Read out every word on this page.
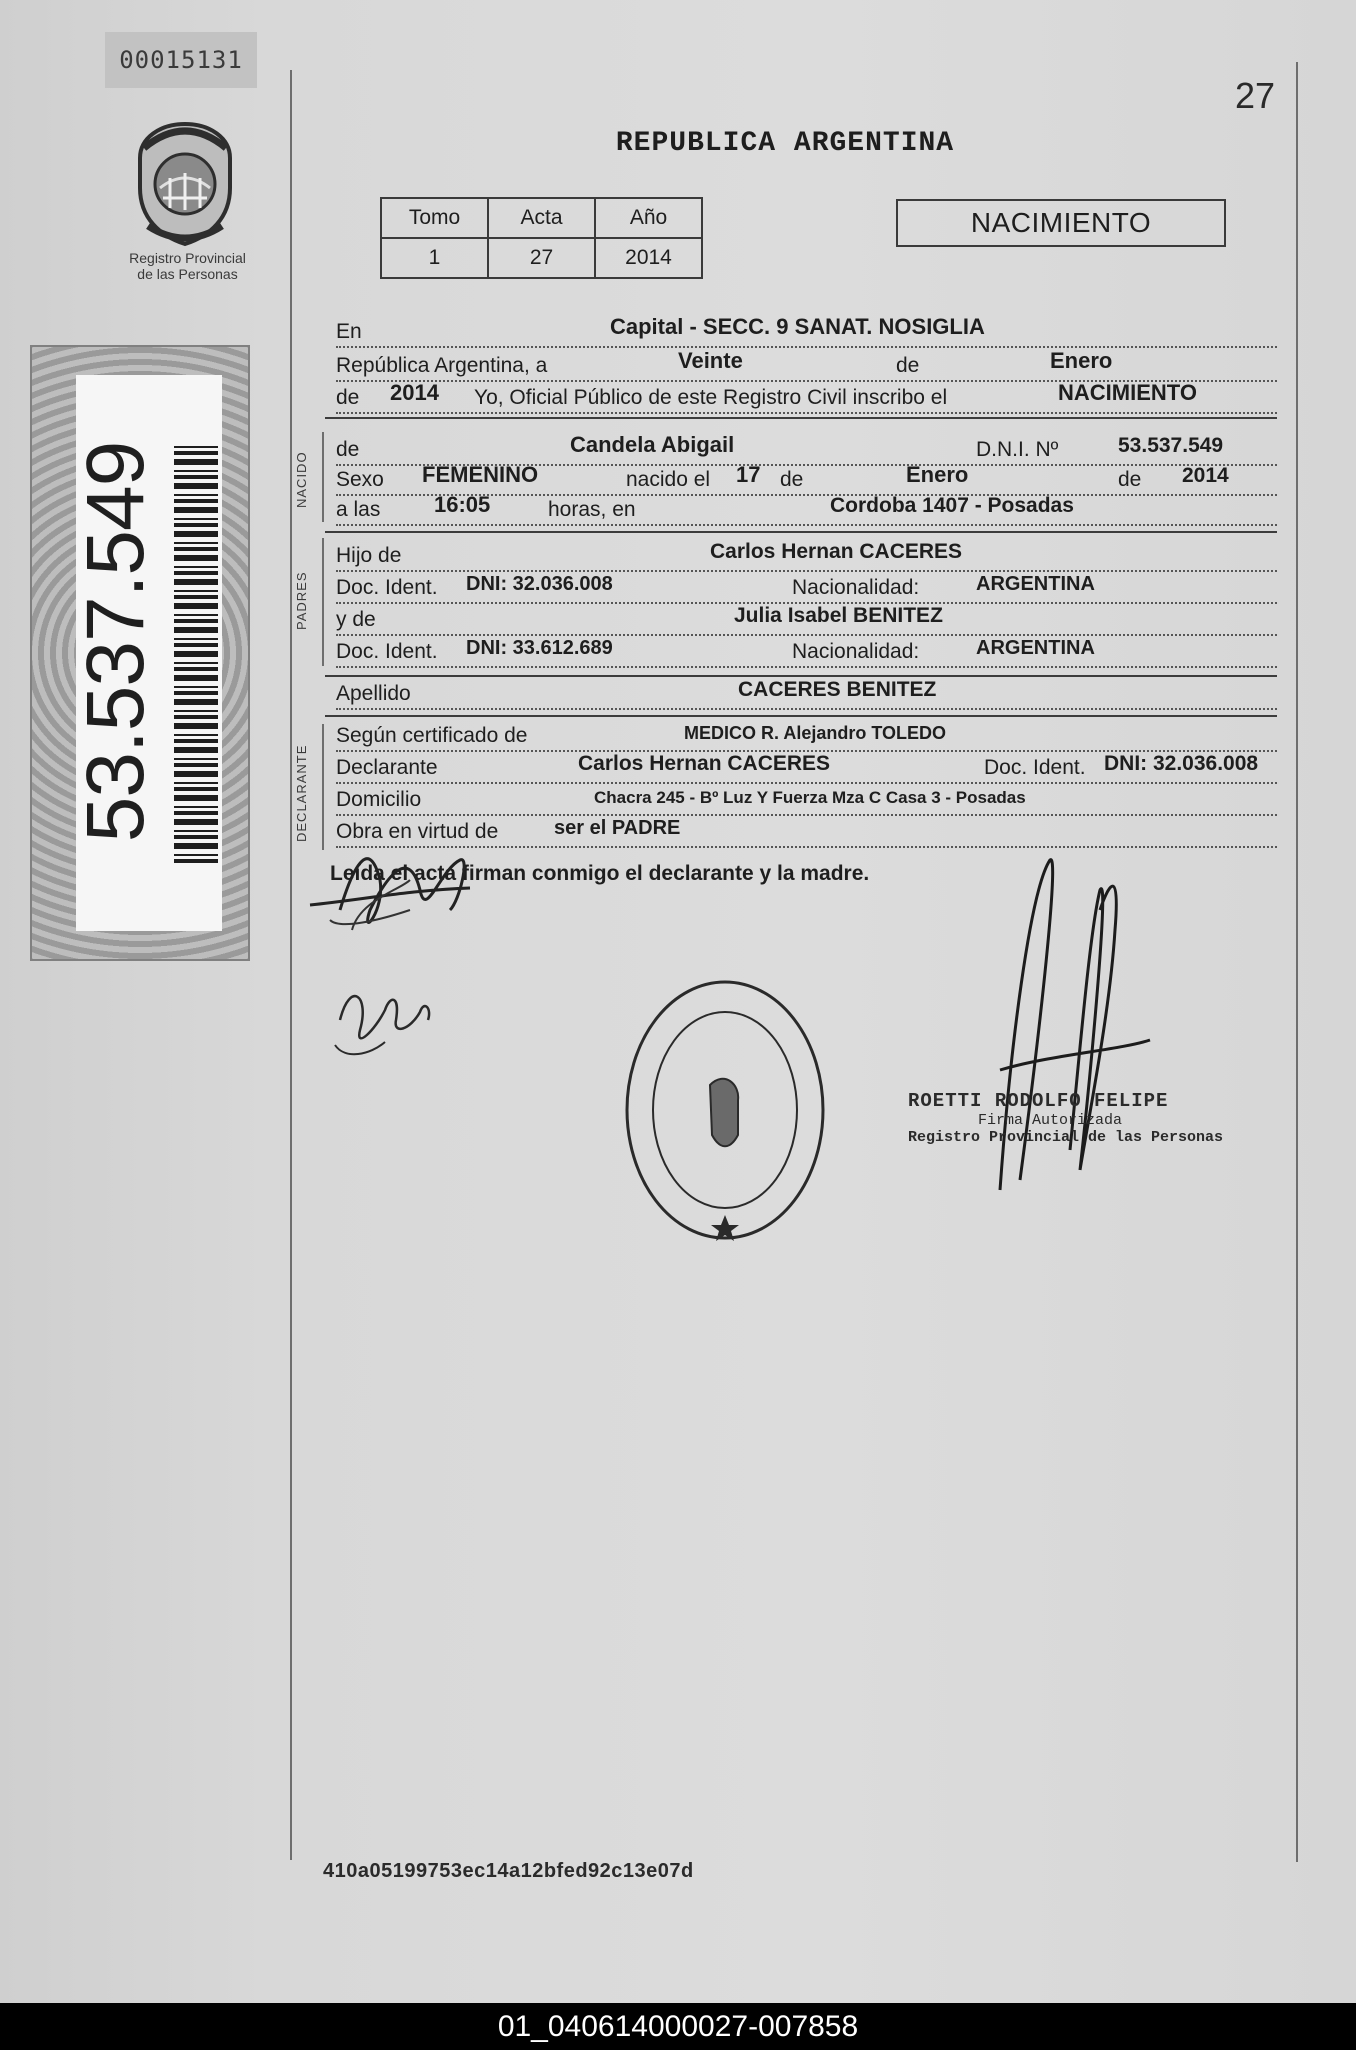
00015131
Registro Provincial
de las Personas
53.537.549
27
REPUBLICA ARGENTINA
Tomo	Acta	Año
1	27	2014
NACIMIENTO
En	Capital - SECC. 9 SANAT. NOSIGLIA
República Argentina, a	Veinte	de	Enero
de 2014 Yo, Oficial Público de este Registro Civil inscribo el	NACIMIENTO
NACIDO
de	Candela Abigail	D.N.I. Nº	53.537.549
Sexo FEMENINO	nacido el 17 de	Enero	de 2014
a las 16:05	horas, en	Cordoba 1407 - Posadas
PADRES
Hijo de	Carlos Hernan CACERES
Doc. Ident. DNI: 32.036.008	Nacionalidad:	ARGENTINA
y de	Julia Isabel BENITEZ
Doc. Ident. DNI: 33.612.689	Nacionalidad:	ARGENTINA
Apellido	CACERES BENITEZ
DECLARANTE
Según certificado de	MEDICO R. Alejandro TOLEDO
Declarante	Carlos Hernan CACERES	Doc. Ident. DNI: 32.036.008
Domicilio	Chacra 245 - Bº Luz Y Fuerza Mza C Casa 3 - Posadas
Obra en virtud de	ser el PADRE
Leída el acta firman conmigo el declarante y la madre.
ROETTI RODOLFO FELIPE
Firma Autorizada
Registro Provincial de las Personas
410a05199753ec14a12bfed92c13e07d
01_040614000027-007858
